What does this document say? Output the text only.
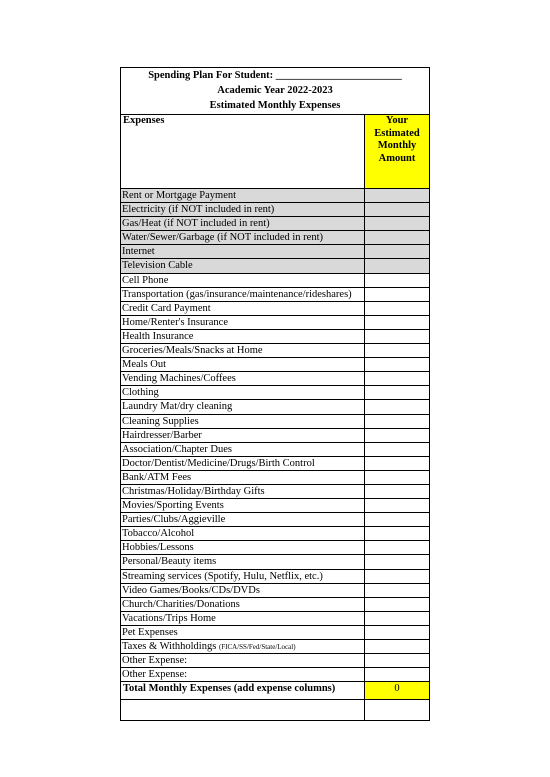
Spending Plan For Student: ________________________
Academic Year 2022-2023
Estimated Monthly Expenses
Expenses	Your
Estimated
Monthly
Amount
Rent or Mortgage Payment
Electricity (if NOT included in rent)
Gas/Heat (if NOT included in rent)
Water/Sewer/Garbage (if NOT included in rent)
Internet
Television Cable
Cell Phone
Transportation (gas/insurance/maintenance/rideshares)
Credit Card Payment
Home/Renter's Insurance
Health Insurance
Groceries/Meals/Snacks at Home
Meals Out
Vending Machines/Coffees
Clothing
Laundry Mat/dry cleaning
Cleaning Supplies
Hairdresser/Barber
Association/Chapter Dues
Doctor/Dentist/Medicine/Drugs/Birth Control
Bank/ATM Fees
Christmas/Holiday/Birthday Gifts
Movies/Sporting Events
Parties/Clubs/Aggieville
Tobacco/Alcohol
Hobbies/Lessons
Personal/Beauty items
Streaming services (Spotify, Hulu, Netflix, etc.)
Video Games/Books/CDs/DVDs
Church/Charities/Donations
Vacations/Trips Home
Pet Expenses
Taxes & Withholdings (FICA/SS/Fed/State/Local)
Other Expense:
Other Expense:
Total Monthly Expenses (add expense columns)	0
